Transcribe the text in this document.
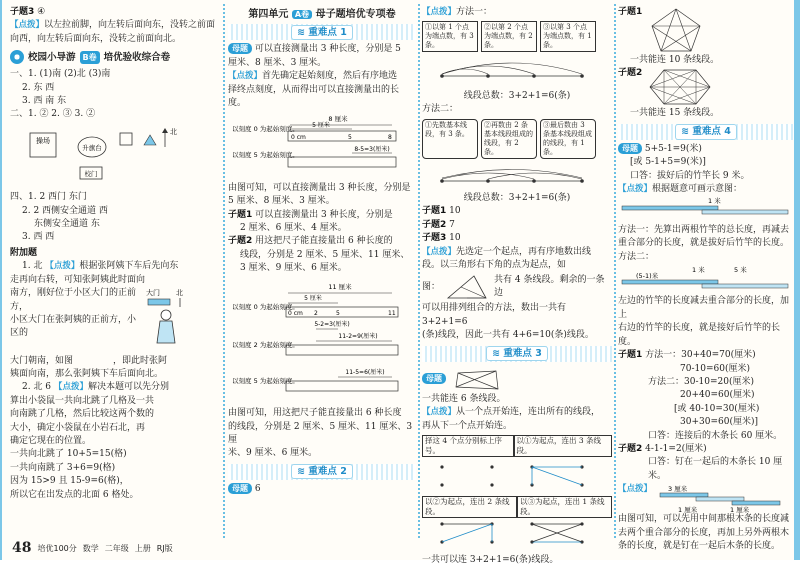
子题3 ④

【点拨】以左拉前脚，向左转后面向东，没转之前面向西，向左转后面向东，没转之前面向北。

校园小导游 B卷 培优验收综合卷

一、1. (1)南 (2)北 (3)南

2. 东 西

3. 西 南 东

二、1. ② 2. ③ 3. ②

操场
升旗台
校门
北

四、1. 2 西门 东门

2. 2 西侧安全通道 西

东侧安全通道 东

3. 西 西

附加题

1. 北 【点拨】根据张阿姨下车后先向东

走再向右转，可知张阿姨此时面向

南方，刚好位于小区大门的正前方，

小区大门在张阿姨的正前方，小区的

大门 北

大门朝南，如图	，即此时张阿

姨面向南，那么张阿姨下车后面向北。

2. 北 6 【点拨】解决本题可以先分别

算出小袋鼠一共向北跳了几格及一共

向南跳了几格，然后比较这两个数的

大小，确定小袋鼠在小岩石北，再

确定它现在的位置。

一共向北跳了 10+5=15(格)

一共向南跳了 3+6=9(格)

因为 15>9 且 15-9=6(格)，

所以它在出发点的北面 6 格处。

第四单元 A卷 母子题培优专项卷
≋ 重难点 1

母题 可以直接测量出 3 种长度，分别是 5

厘米、8 厘米、3 厘米。

【点拨】首先确定起始刻度，然后有序地选

择终点刻度，从而得出可以直接测量出的长度。

以刻度 0 为起始刻度。
以刻度 5 为起始刻度。
0 cm	5	8
8 厘米
5 厘米
8-5=3(厘米)

由图可知，可以直接测量出 3 种长度，分别是

5 厘米、8 厘米、3 厘米。

子题1 可以直接测量出 3 种长度，分别是

2 厘米、6 厘米、4 厘米。

子题2 用这把尺子能直接量出 6 种长度的

线段，分别是 2 厘米、5 厘米、11 厘米、

3 厘米、9 厘米、6 厘米。

以刻度 0 为起始刻度。
以刻度 2 为起始刻度。
以刻度 5 为起始刻度。
0 cm 2	5	11
11 厘米
5 厘米
5-2=3(厘米)
11-2=9(厘米)
11-5=6(厘米)

由图可知，用这把尺子能直接量出 6 种长度

的线段，分别是 2 厘米、5 厘米、11 厘米、3 厘

米、9 厘米、6 厘米。

≋ 重难点 2

母题 6

【点拨】方法一：

①以第 1 个点为端点数，有 3 条。
②以第 2 个点为端点数，有 2 条。
③以第 3 个点为端点数，有 1 条。

线段总数：3+2+1=6(条)

方法二：

①先数基本线段，有 3 条。
②再数由 2 条基本线段组成的线段，有 2 条。
③最后数由 3 条基本线段组成的线段，有 1 条。

线段总数：3+2+1=6(条)

子题1 10

子题2 7

子题3 10

【点拨】先选定一个起点，再有序地数出线

段。以三角形右下角的点为起点，如

图：
共有 4 条线段。剩余的一条边

可以用排列组合的方法，数出一共有 3+2+1=6

(条)线段，因此一共有 4+6=10(条)线段。

≋ 重难点 3
母题

一共能连 6 条线段。

【点拨】从一个点开始连，连出所有的线段，

再从下一个点开始连。

择这 4 个点分别标上序号。
以①为起点，连出 3 条线段。
以②为起点，连出 2 条线段。
以③为起点，连出 1 条线段。

一共可以连 3+2+1=6(条)线段。

子题1

一共能连 10 条线段。

子题2

一共能连 15 条线段。

≋ 重难点 4

母题 5+5-1=9(米)

[或 5-1+5=9(米)]

口答：拔好后的竹竿长 9 米。

【点拨】根据题意可画示意图：

1 米

方法一：先算出两根竹竿的总长度，再减去

重合部分的长度，就是拔好后竹竿的长度。

方法二：

(5-1)米
1 米	5 米

左边的竹竿的长度减去重合部分的长度，加上

右边的竹竿的长度，就是接好后竹竿的长度。

子题1 方法一：30+40=70(厘米)

70-10=60(厘米)

方法二：30-10=20(厘米)

20+40=60(厘米)

[或 40-10=30(厘米)

30+30=60(厘米)]

口答：连接后的木条长 60 厘米。

子题2 4-1-1=2(厘米)

口答：钉在一起后的木条长 10 厘米。

【点拨】 3 厘米
1 厘米	1 厘米

由图可知，可以先用中间那根木条的长度减

去两个重合部分的长度，再加上另外两根木

条的长度，就是钉在一起后木条的长度。

48 培优100分 数学 二年级 上册 RJ版
